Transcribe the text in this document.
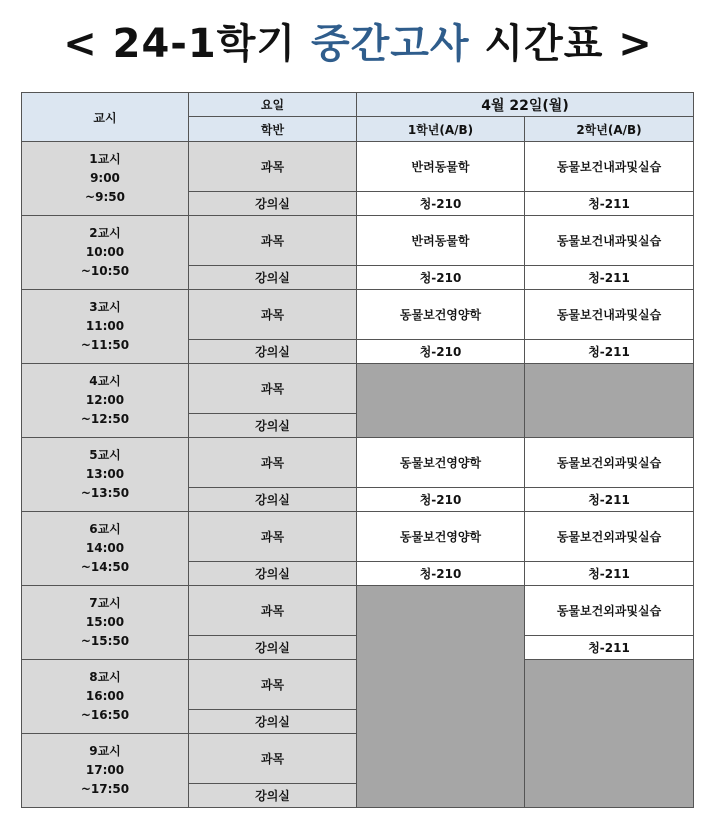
< 24-1학기 중간고사 시간표 >
교시	요일	4월 22일(월)	
	학반	1학년(A/B)	2학년(A/B)

1교시
9:00
~9:50	과목	반려동물학	동물보건내과및실습
	강의실	청-210	청-211

2교시
10:00
~10:50	과목	반려동물학	동물보건내과및실습
	강의실	청-210	청-211

3교시
11:00
~11:50	과목	동물보건영양학	동물보건내과및실습
	강의실	청-210	청-211

4교시
12:00
~12:50	과목		
	강의실		

5교시
13:00
~13:50	과목	동물보건영양학	동물보건외과및실습
	강의실	청-210	청-211

6교시
14:00
~14:50	과목	동물보건영양학	동물보건외과및실습
	강의실	청-210	청-211

7교시
15:00
~15:50	과목		동물보건외과및실습
	강의실		청-211

8교시
16:00
~16:50	과목		
	강의실		

9교시
17:00
~17:50	과목		
	강의실		
